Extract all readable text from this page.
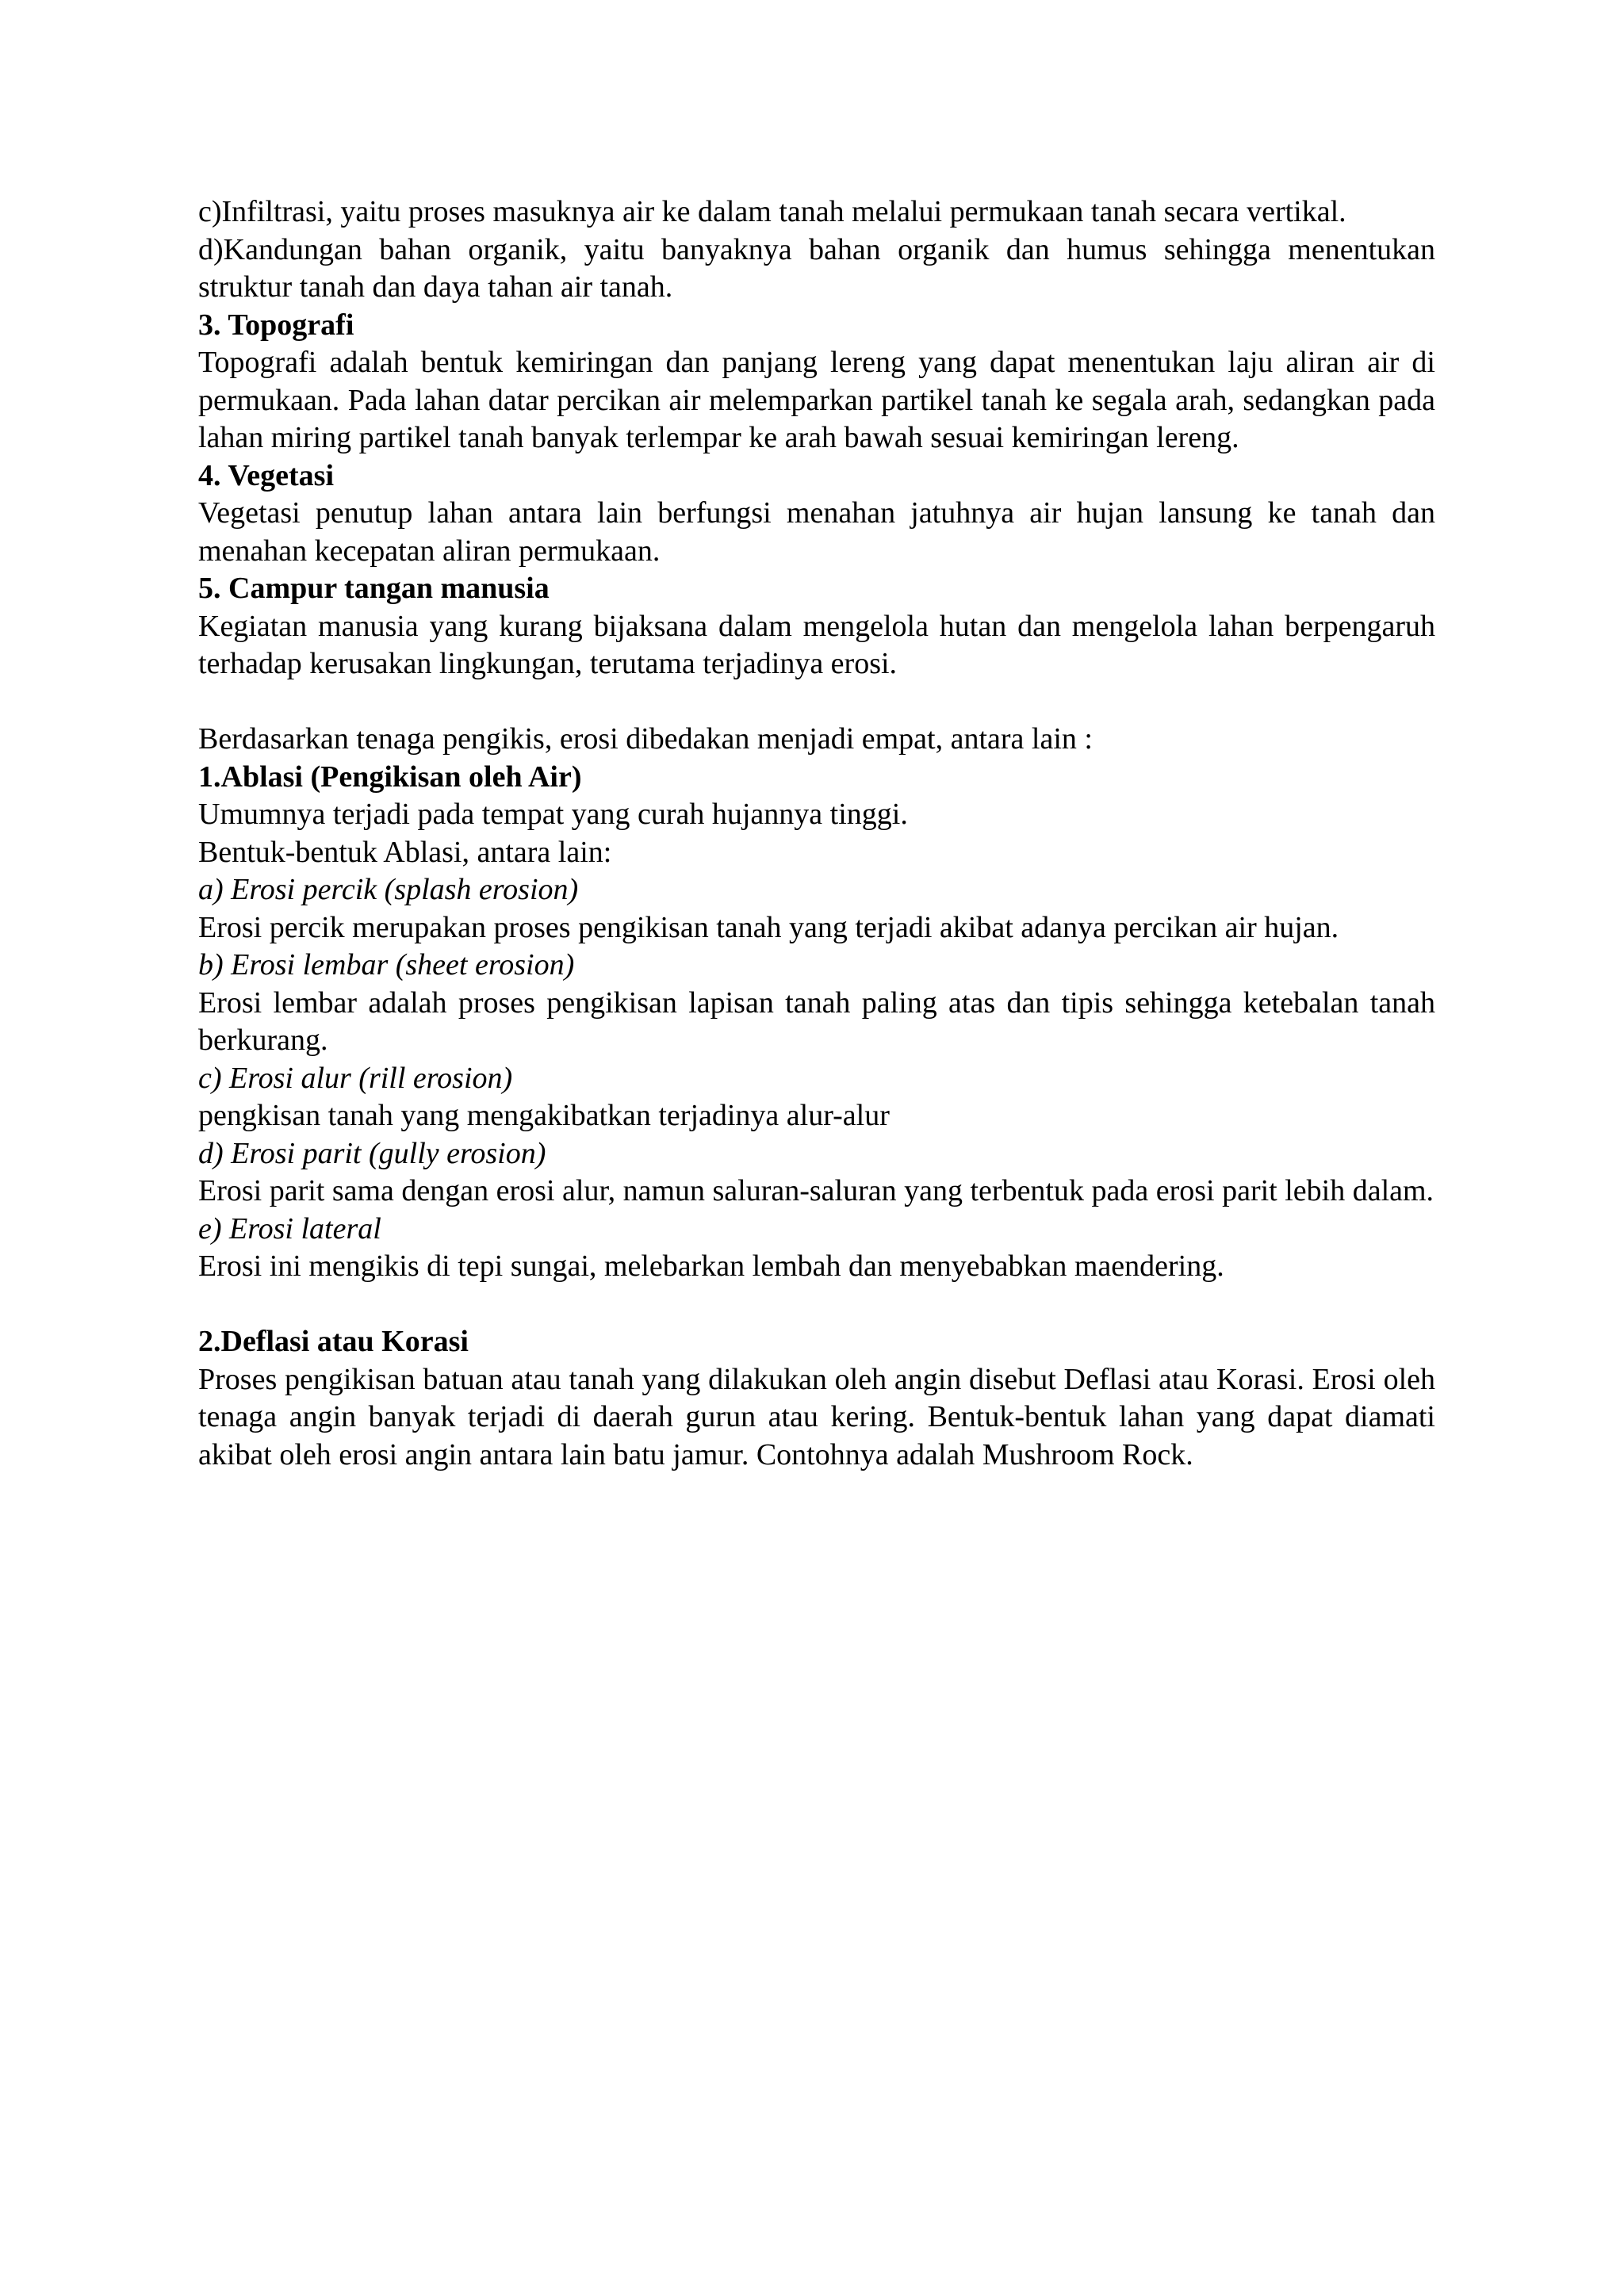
c)Infiltrasi, yaitu proses masuknya air ke dalam tanah melalui permukaan tanah secara vertikal.

d)Kandungan bahan organik, yaitu banyaknya bahan organik dan humus sehingga menentukan struktur tanah dan daya tahan air tanah.

3. Topografi

Topografi adalah bentuk kemiringan dan panjang lereng yang dapat menentukan laju aliran air di permukaan. Pada lahan datar percikan air melemparkan partikel tanah ke segala arah, sedangkan pada lahan miring partikel tanah banyak terlempar ke arah bawah sesuai kemiringan lereng.

4. Vegetasi

Vegetasi penutup lahan antara lain berfungsi menahan jatuhnya air hujan lansung ke tanah dan menahan kecepatan aliran permukaan.

5. Campur tangan manusia

Kegiatan manusia yang kurang bijaksana dalam mengelola hutan dan mengelola lahan berpengaruh terhadap kerusakan lingkungan, terutama terjadinya erosi.

Berdasarkan tenaga pengikis, erosi dibedakan menjadi empat, antara lain :

1.Ablasi (Pengikisan oleh Air)

Umumnya terjadi pada tempat yang curah hujannya tinggi.

Bentuk-bentuk Ablasi, antara lain:

a) Erosi percik (splash erosion)

Erosi percik merupakan proses pengikisan tanah yang terjadi akibat adanya percikan air hujan.

b) Erosi lembar (sheet erosion)

Erosi lembar adalah proses pengikisan lapisan tanah paling atas dan tipis sehingga ketebalan tanah berkurang.

c) Erosi alur (rill erosion)

pengkisan tanah yang mengakibatkan terjadinya alur-alur

d) Erosi parit (gully erosion)

Erosi parit sama dengan erosi alur, namun saluran-saluran yang terbentuk pada erosi parit lebih dalam.

e) Erosi lateral

Erosi ini mengikis di tepi sungai, melebarkan lembah dan menyebabkan maendering.

2.Deflasi atau Korasi

Proses pengikisan batuan atau tanah yang dilakukan oleh angin disebut Deflasi atau Korasi. Erosi oleh tenaga angin banyak terjadi di daerah gurun atau kering. Bentuk-bentuk lahan yang dapat diamati akibat oleh erosi angin antara lain batu jamur. Contohnya adalah Mushroom Rock.
